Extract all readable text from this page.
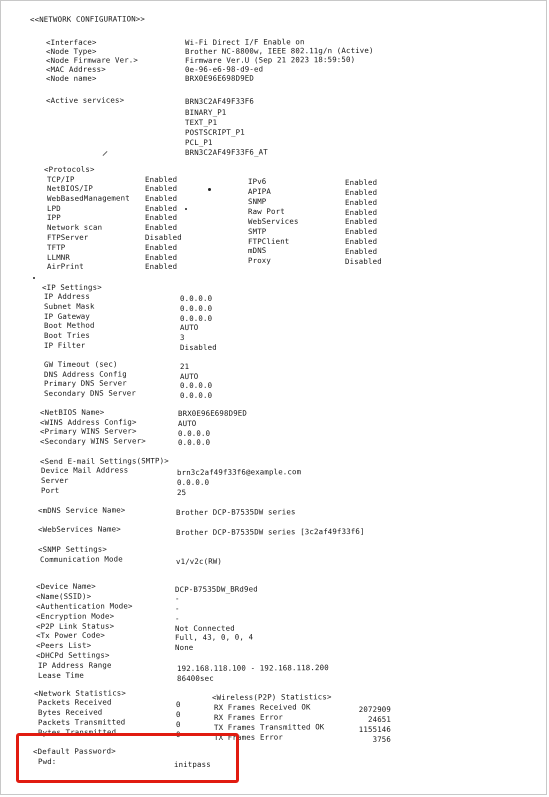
<<NETWORK CONFIGURATION>>
<Interface>	Wi-Fi Direct I/F Enable on
<Node Type>	Brother NC-8800w, IEEE 802.11g/n (Active)
<Node Firmware Ver.>	Firmware Ver.U (Sep 21 2023 18:59:50)
<MAC Address>	0e-96-e6-98-d9-ed
<Node name>	BRX0E96E698D9ED
<Active services>	BRN3C2AF49F33F6
BINARY_P1
TEXT_P1
POSTSCRIPT_P1
PCL_P1
BRN3C2AF49F33F6_AT
<Protocols>
TCP/IP	Enabled
NetBIOS/IP	Enabled
WebBasedManagement Enabled
LPD	Enabled
IPP	Enabled
Network scan	Enabled
FTPServer	Disabled
TFTP	Enabled
LLMNR	Enabled
AirPrint	Enabled
IPv6	Enabled
APIPA	Enabled
SNMP	Enabled
Raw Port	Enabled
WebServices	Enabled
SMTP	Enabled
FTPClient	Enabled
mDNS	Enabled
Proxy	Disabled
<IP Settings>
IP Address	0.0.0.0
Subnet Mask	0.0.0.0
IP Gateway	0.0.0.0
Boot Method	AUTO
Boot Tries	3
IP Filter	Disabled
GW Timeout (sec)	21
DNS Address Config	AUTO
Primary DNS Server	0.0.0.0
Secondary DNS Server	0.0.0.0
<NetBIOS Name>	BRX0E96E698D9ED
<WINS Address Config>	AUTO
<Primary WINS Server>	0.0.0.0
<Secondary WINS Server>	0.0.0.0
<Send E-mail Settings(SMTP)>
Device Mail Address	brn3c2af49f33f6@example.com
Server	0.0.0.0
Port	25
<mDNS Service Name>	Brother DCP-B7535DW series
<WebServices Name>	Brother DCP-B7535DW series [3c2af49f33f6]
<SNMP Settings>
Communication Mode	v1/v2c(RW)
<Device Name>	DCP-B7535DW_BRd9ed
<Name(SSID)>	-
<Authentication Mode>	-
<Encryption Mode>	-
<P2P Link Status>	Not Connected
<Tx Power Code>	Full, 43, 0, 0, 4
<Peers List>	None
<DHCPd Settings>
IP Address Range	192.168.118.100 - 192.168.118.200
Lease Time	86400sec
<Network Statistics>
Packets Received	0
Bytes Received	0
Packets Transmitted	0
Bytes Transmitted	0
<Wireless(P2P) Statistics>
RX Frames Received OK	2072909
RX Frames Error	24651
TX Frames Transmitted OK	1155146
TX Frames Error	3756
<Default Password>
Pwd:	initpass
